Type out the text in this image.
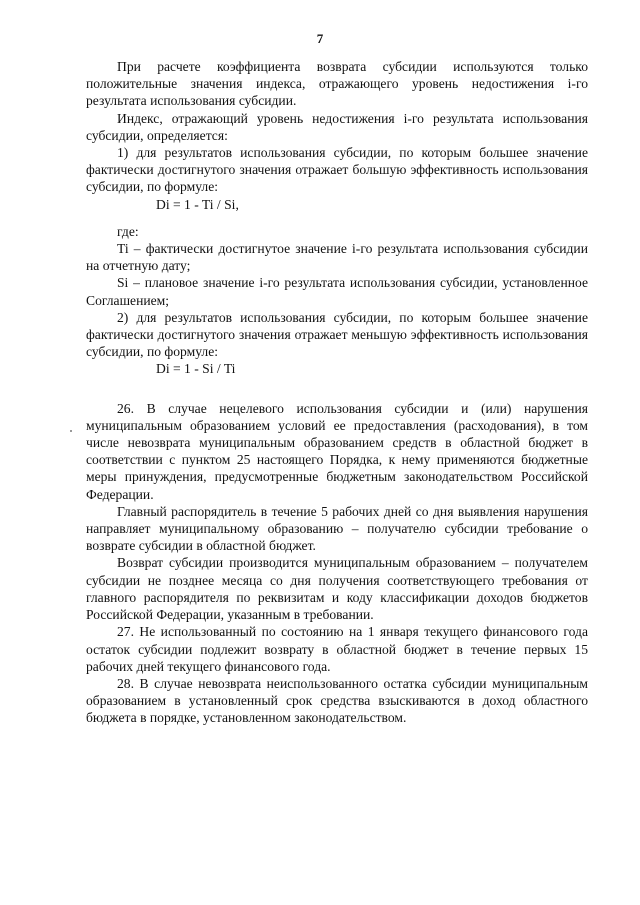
7

При расчете коэффициента возврата субсидии используются только положительные значения индекса, отражающего уровень недостижения i-го результата использования субсидии.

Индекс, отражающий уровень недостижения i-го результата использования субсидии, определяется:

1) для результатов использования субсидии, по которым большее значение фактически достигнутого значения отражает большую эффективность использования субсидии, по формуле:

Di = 1 - Ti / Si,

где:

Ti – фактически достигнутое значение i-го результата использования субсидии на отчетную дату;

Si – плановое значение i-го результата использования субсидии, установленное Соглашением;

2) для результатов использования субсидии, по которым большее значение фактически достигнутого значения отражает меньшую эффективность использования субсидии, по формуле:

Di = 1 - Si / Ti

26. В случае нецелевого использования субсидии и (или) нарушения муниципальным образованием условий ее предоставления (расходования), в том числе невозврата муниципальным образованием средств в областной бюджет в соответствии с пунктом 25 настоящего Порядка, к нему применяются бюджетные меры принуждения, предусмотренные бюджетным законодательством Российской Федерации.

Главный распорядитель в течение 5 рабочих дней со дня выявления нарушения направляет муниципальному образованию – получателю субсидии требование о возврате субсидии в областной бюджет.

Возврат субсидии производится муниципальным образованием – получателем субсидии не позднее месяца со дня получения соответствующего требования от главного распорядителя по реквизитам и коду классификации доходов бюджетов Российской Федерации, указанным в требовании.

27. Не использованный по состоянию на 1 января текущего финансового года остаток субсидии подлежит возврату в областной бюджет в течение первых 15 рабочих дней текущего финансового года.

28. В случае невозврата неиспользованного остатка субсидии муниципальным образованием в установленный срок средства взыскиваются в доход областного бюджета в порядке, установленном законодательством.
